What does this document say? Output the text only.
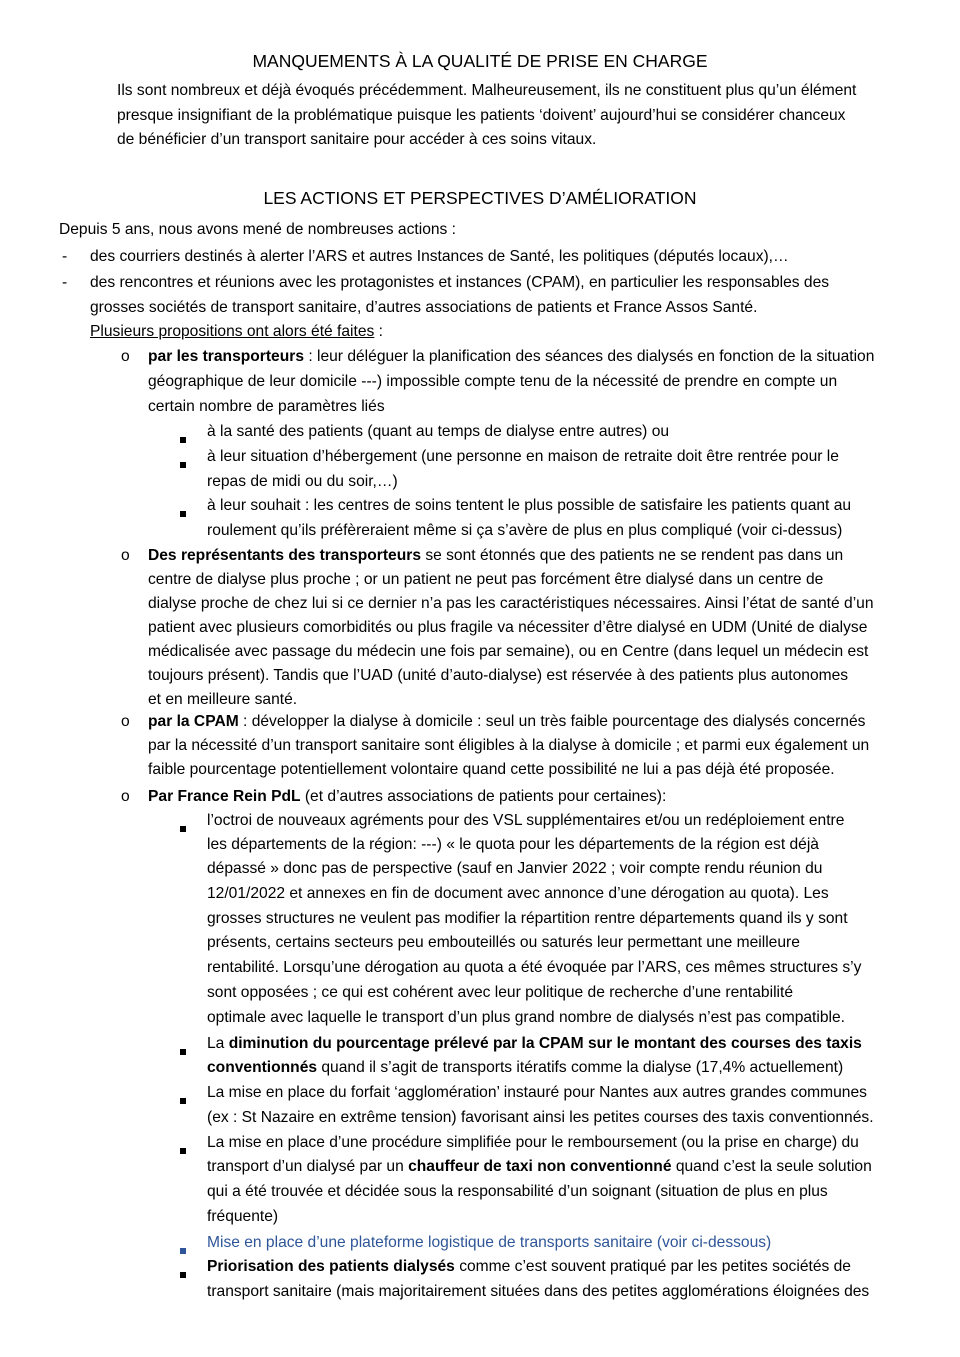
MANQUEMENTS À LA QUALITÉ DE PRISE EN CHARGE
Ils sont nombreux et déjà évoqués précédemment. Malheureusement, ils ne constituent plus qu’un élément
presque insignifiant de la problématique puisque les patients ‘doivent’ aujourd’hui se considérer chanceux
de bénéficier d’un transport sanitaire pour accéder à ces soins vitaux.
LES ACTIONS ET PERSPECTIVES D’AMÉLIORATION
Depuis 5 ans, nous avons mené de nombreuses actions :
- des courriers destinés à alerter l’ARS et autres Instances de Santé, les politiques (députés locaux),…
- des rencontres et réunions avec les protagonistes et instances (CPAM), en particulier les responsables des
grosses sociétés de transport sanitaire, d’autres associations de patients et France Assos Santé.
Plusieurs propositions ont alors été faites :
o par les transporteurs : leur déléguer la planification des séances des dialysés en fonction de la situation
géographique de leur domicile ---) impossible compte tenu de la nécessité de prendre en compte un
certain nombre de paramètres liés
à la santé des patients (quant au temps de dialyse entre autres) ou
à leur situation d’hébergement (une personne en maison de retraite doit être rentrée pour le
repas de midi ou du soir,…)
à leur souhait : les centres de soins tentent le plus possible de satisfaire les patients quant au
roulement qu’ils préfèreraient même si ça s’avère de plus en plus compliqué (voir ci-dessus)
o Des représentants des transporteurs se sont étonnés que des patients ne se rendent pas dans un
centre de dialyse plus proche ; or un patient ne peut pas forcément être dialysé dans un centre de
dialyse proche de chez lui si ce dernier n’a pas les caractéristiques nécessaires. Ainsi l’état de santé d’un
patient avec plusieurs comorbidités ou plus fragile va nécessiter d’être dialysé en UDM (Unité de dialyse
médicalisée avec passage du médecin une fois par semaine), ou en Centre (dans lequel un médecin est
toujours présent). Tandis que l’UAD (unité d’auto-dialyse) est réservée à des patients plus autonomes
et en meilleure santé.
o par la CPAM : développer la dialyse à domicile : seul un très faible pourcentage des dialysés concernés
par la nécessité d’un transport sanitaire sont éligibles à la dialyse à domicile ; et parmi eux également un
faible pourcentage potentiellement volontaire quand cette possibilité ne lui a pas déjà été proposée.
o Par France Rein PdL (et d’autres associations de patients pour certaines):
l’octroi de nouveaux agréments pour des VSL supplémentaires et/ou un redéploiement entre
les départements de la région: ---) « le quota pour les départements de la région est déjà
dépassé » donc pas de perspective (sauf en Janvier 2022 ; voir compte rendu réunion du
12/01/2022 et annexes en fin de document avec annonce d’une dérogation au quota). Les
grosses structures ne veulent pas modifier la répartition rentre départements quand ils y sont
présents, certains secteurs peu embouteillés ou saturés leur permettant une meilleure
rentabilité. Lorsqu’une dérogation au quota a été évoquée par l’ARS, ces mêmes structures s’y
sont opposées ; ce qui est cohérent avec leur politique de recherche d’une rentabilité
optimale avec laquelle le transport d’un plus grand nombre de dialysés n’est pas compatible.
La diminution du pourcentage prélevé par la CPAM sur le montant des courses des taxis
conventionnés quand il s’agit de transports itératifs comme la dialyse (17,4% actuellement)
La mise en place du forfait ‘agglomération’ instauré pour Nantes aux autres grandes communes
(ex : St Nazaire en extrême tension) favorisant ainsi les petites courses des taxis conventionnés.
La mise en place d’une procédure simplifiée pour le remboursement (ou la prise en charge) du
transport d’un dialysé par un chauffeur de taxi non conventionné quand c’est la seule solution
qui a été trouvée et décidée sous la responsabilité d’un soignant (situation de plus en plus
fréquente)
Mise en place d’une plateforme logistique de transports sanitaire (voir ci-dessous)
Priorisation des patients dialysés comme c’est souvent pratiqué par les petites sociétés de
transport sanitaire (mais majoritairement situées dans des petites agglomérations éloignées des
